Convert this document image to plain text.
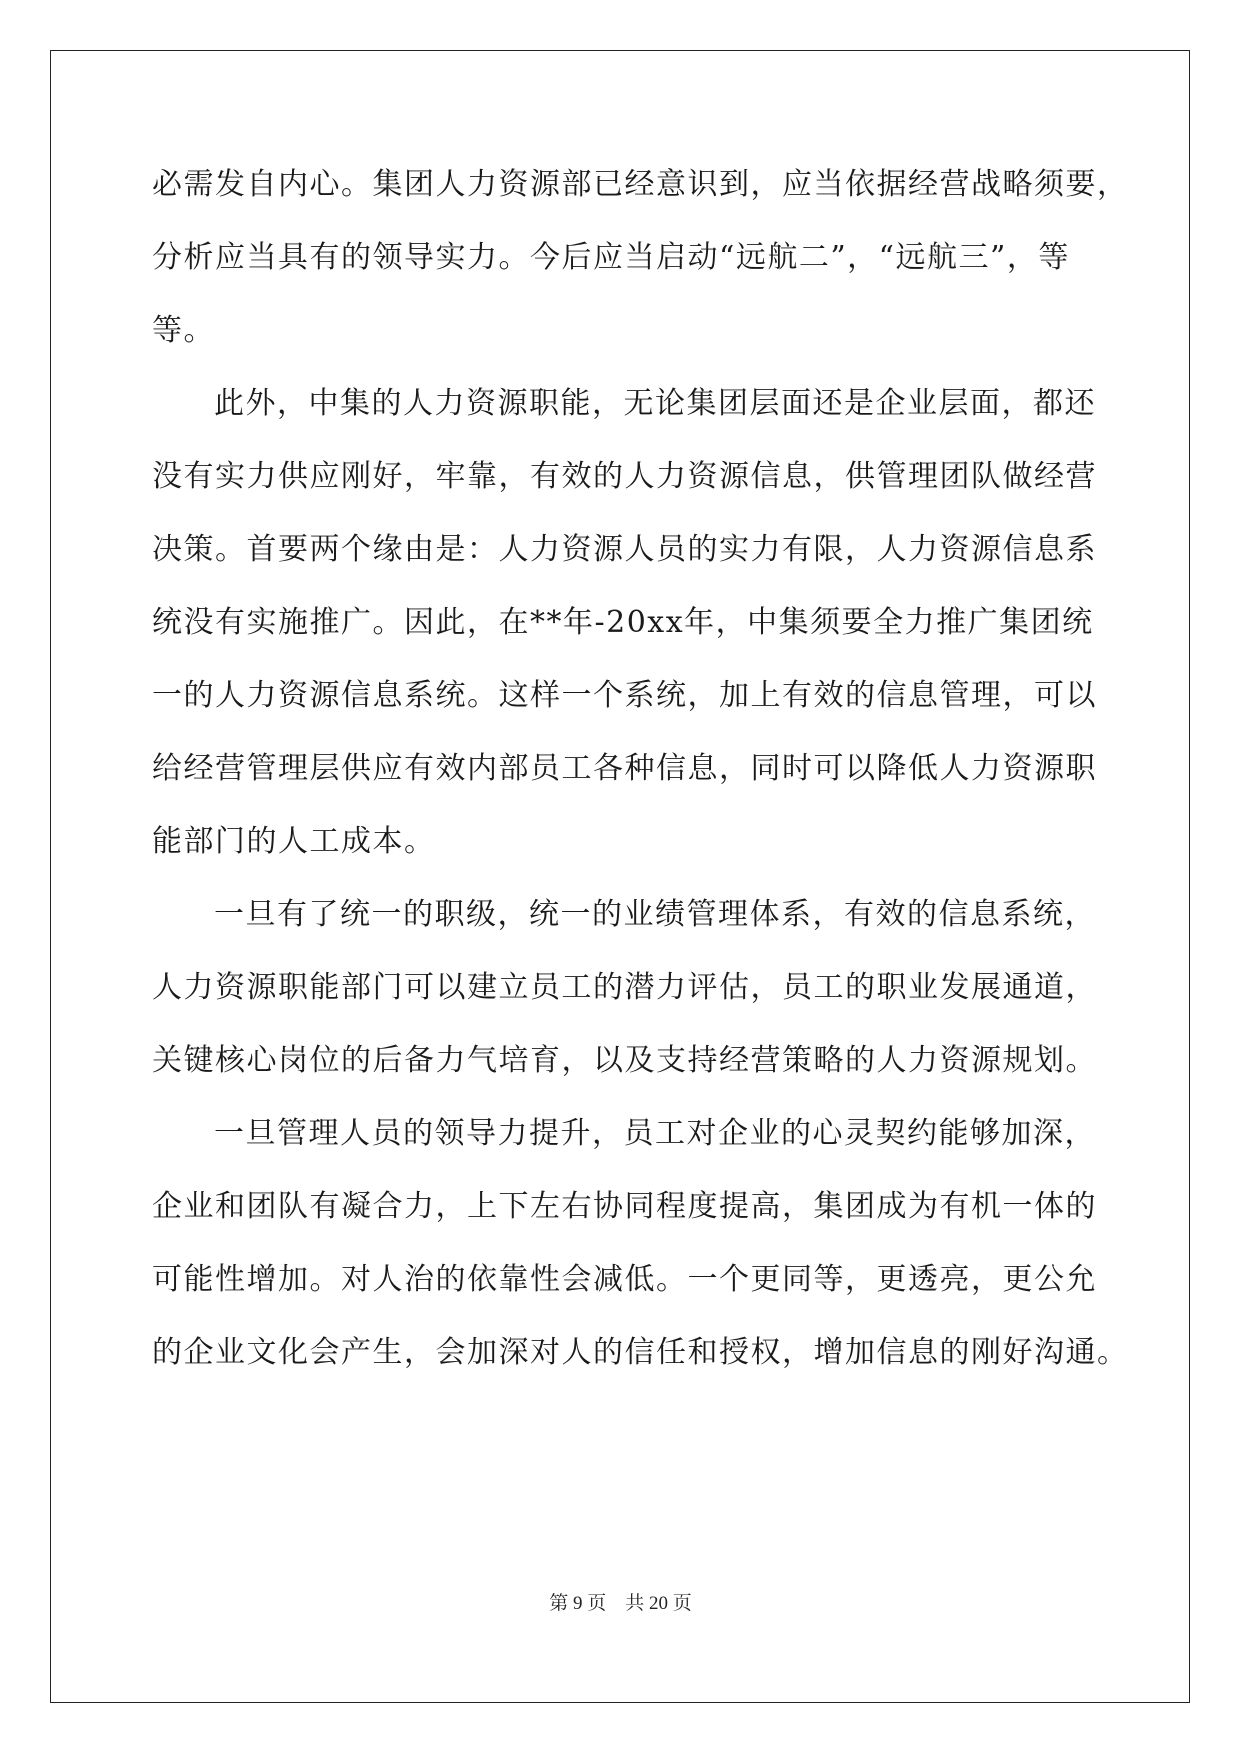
必需发自内心。集团人力资源部已经意识到，应当依据经营战略须要，
分析应当具有的领导实力。今后应当启动“远航二”，“远航三”，等
等。
此外，中集的人力资源职能，无论集团层面还是企业层面，都还
没有实力供应刚好，牢靠，有效的人力资源信息，供管理团队做经营
决策。首要两个缘由是：人力资源人员的实力有限，人力资源信息系
统没有实施推广。因此，在**年-20xx年，中集须要全力推广集团统
一的人力资源信息系统。这样一个系统，加上有效的信息管理，可以
给经营管理层供应有效内部员工各种信息，同时可以降低人力资源职
能部门的人工成本。
一旦有了统一的职级，统一的业绩管理体系，有效的信息系统，
人力资源职能部门可以建立员工的潜力评估，员工的职业发展通道，
关键核心岗位的后备力气培育，以及支持经营策略的人力资源规划。
一旦管理人员的领导力提升，员工对企业的心灵契约能够加深，
企业和团队有凝合力，上下左右协同程度提高，集团成为有机一体的
可能性增加。对人治的依靠性会减低。一个更同等，更透亮，更公允
的企业文化会产生，会加深对人的信任和授权，增加信息的刚好沟通。
第 9 页 共 20 页
